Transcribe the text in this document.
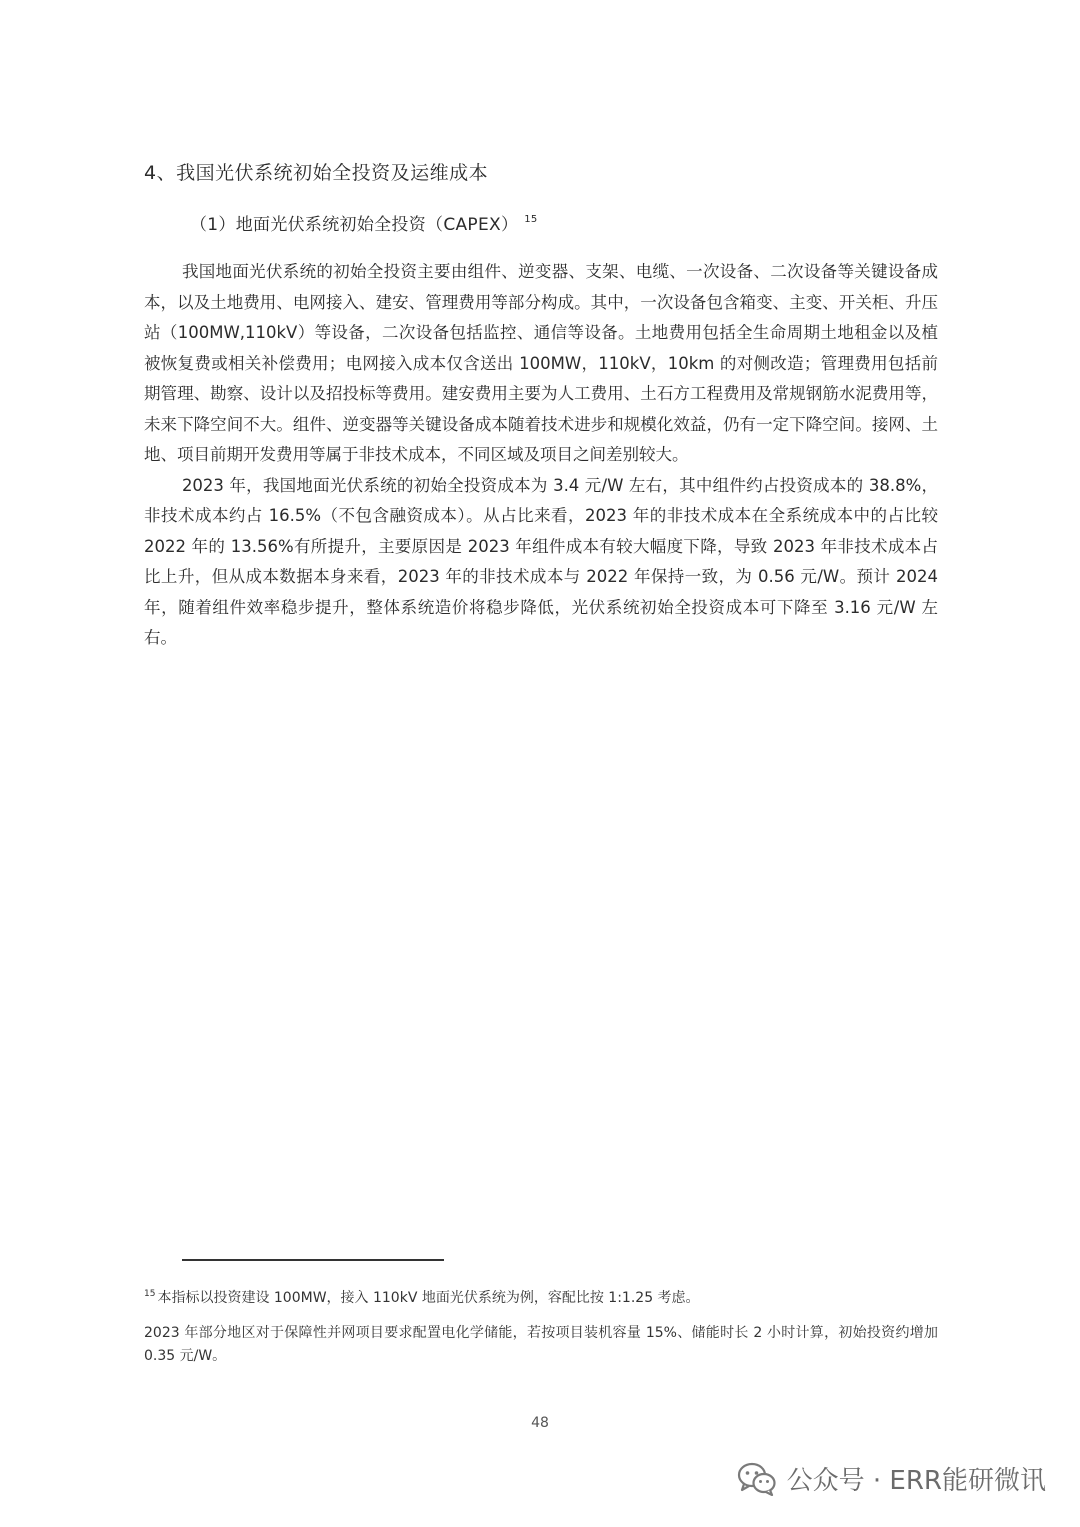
4、我国光伏系统初始全投资及运维成本
（1）地面光伏系统初始全投资（CAPEX） $^{15}$

我国地面光伏系统的初始全投资主要由组件、逆变器、支架、电缆、一次设备、二次设备等关键设备成本，以及土地费用、电网接入、建安、管理费用等部分构成。其中，一次设备包含箱变、主变、开关柜、升压站（100MW,110kV）等设备，二次设备包括监控、通信等设备。土地费用包括全生命周期土地租金以及植被恢复费或相关补偿费用；电网接入成本仅含送出 100MW，110kV，10km 的对侧改造；管理费用包括前期管理、勘察、设计以及招投标等费用。建安费用主要为人工费用、土石方工程费用及常规钢筋水泥费用等，未来下降空间不大。组件、逆变器等关键设备成本随着技术进步和规模化效益，仍有一定下降空间。接网、土地、项目前期开发费用等属于非技术成本，不同区域及项目之间差别较大。

2023 年，我国地面光伏系统的初始全投资成本为 3.4 元/W 左右，其中组件约占投资成本的 38.8%，非技术成本约占 16.5%（不包含融资成本）。从占比来看，2023 年的非技术成本在全系统成本中的占比较 2022 年的 13.56%有所提升，主要原因是 2023 年组件成本有较大幅度下降，导致 2023 年非技术成本占比上升，但从成本数据本身来看，2023 年的非技术成本与 2022 年保持一致，为 0.56 元/W。预计 2024 年，随着组件效率稳步提升，整体系统造价将稳步降低，光伏系统初始全投资成本可下降至 3.16 元/W 左右。

$^{15}$ 本指标以投资建设 100MW，接入 110kV 地面光伏系统为例，容配比按 1:1.25 考虑。
2023 年部分地区对于保障性并网项目要求配置电化学储能，若按项目装机容量 15%、储能时长 2 小时计算，初始投资约增加 0.35 元/W。
48
公众号 · ERR能研微讯
